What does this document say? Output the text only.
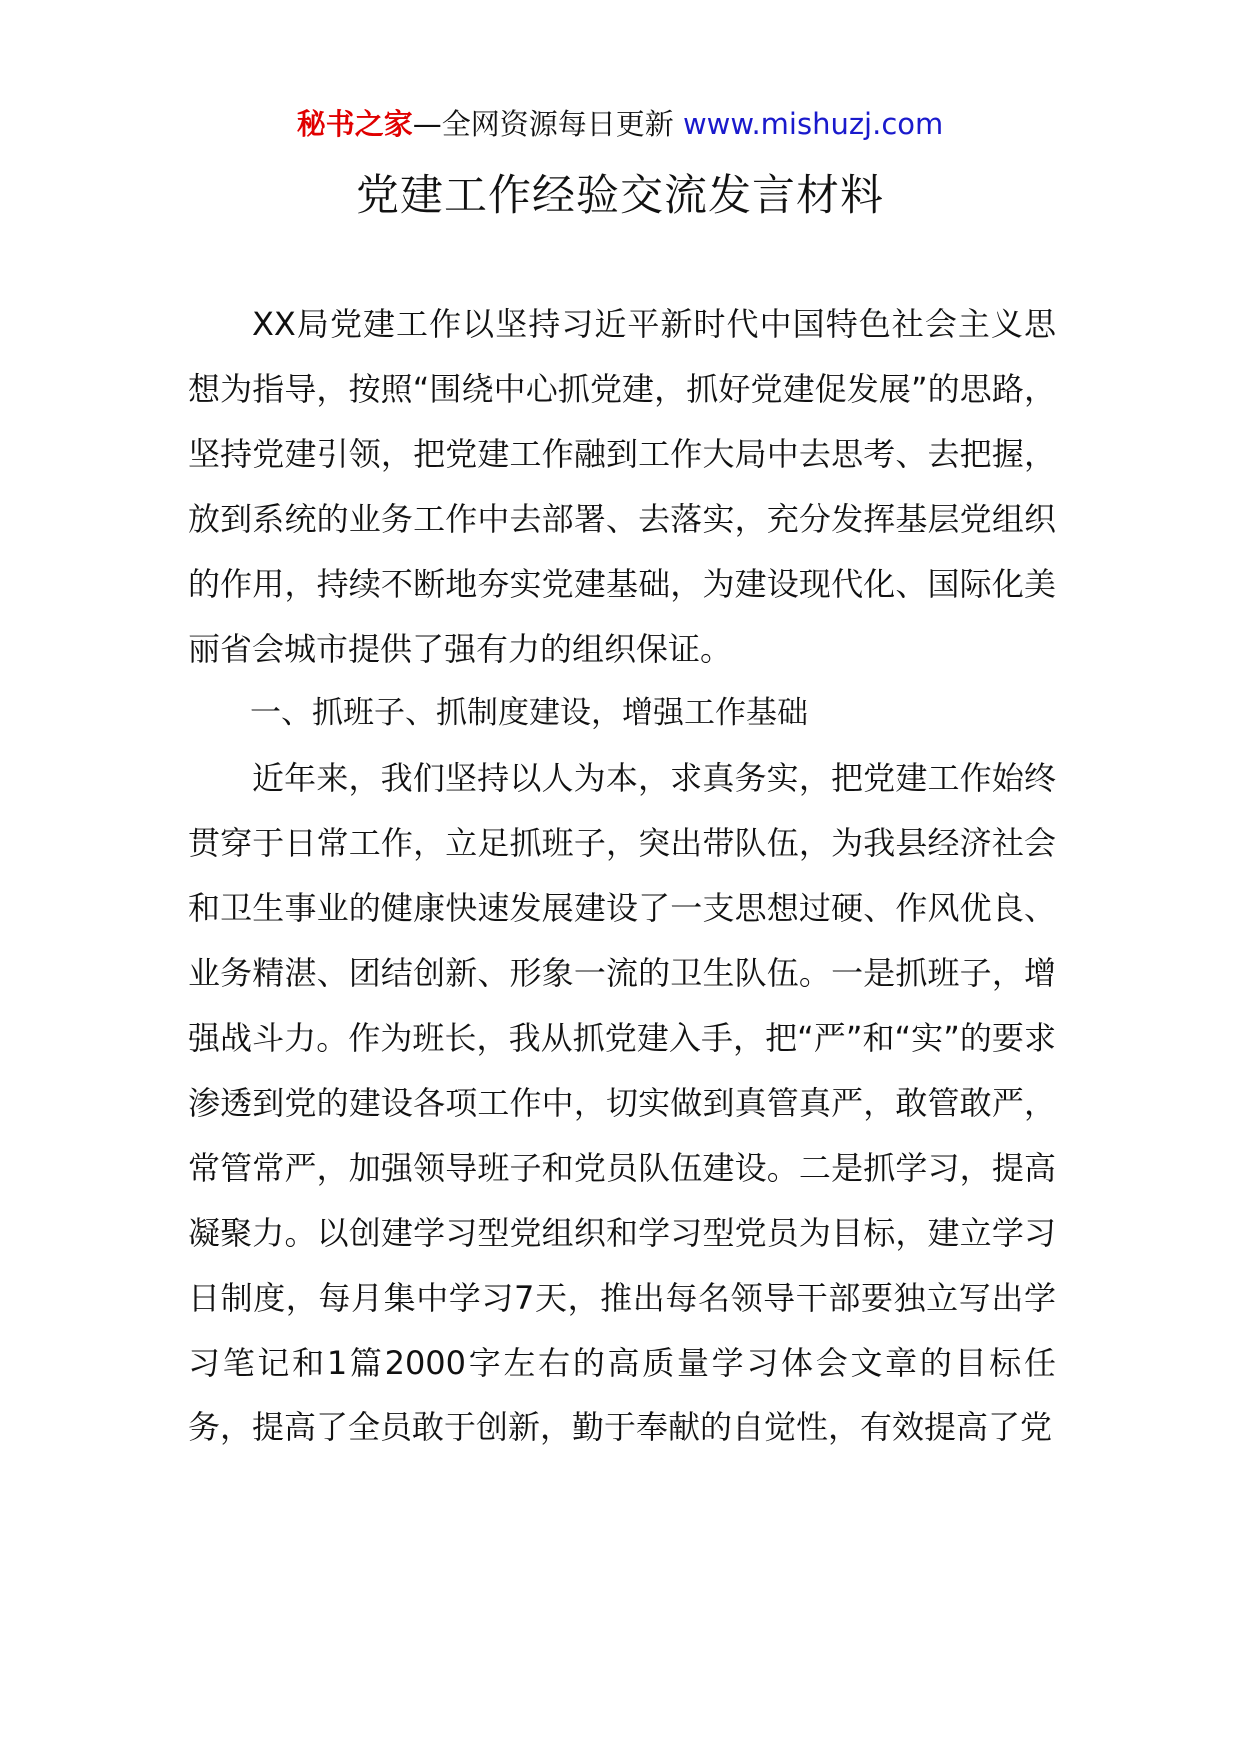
秘书之家—全网资源每日更新 www.mishuzj.com
党建工作经验交流发言材料

XX局党建工作以坚持习近平新时代中国特色社会主义思想为指导，按照“围绕中心抓党建，抓好党建促发展”的思路，坚持党建引领，把党建工作融到工作大局中去思考、去把握，放到系统的业务工作中去部署、去落实，充分发挥基层党组织的作用，持续不断地夯实党建基础，为建设现代化、国际化美丽省会城市提供了强有力的组织保证。

一、抓班子、抓制度建设，增强工作基础

近年来，我们坚持以人为本，求真务实，把党建工作始终贯穿于日常工作，立足抓班子，突出带队伍，为我县经济社会和卫生事业的健康快速发展建设了一支思想过硬、作风优良、业务精湛、团结创新、形象一流的卫生队伍。一是抓班子，增强战斗力。作为班长，我从抓党建入手，把“严”和“实”的要求渗透到党的建设各项工作中，切实做到真管真严，敢管敢严，常管常严，加强领导班子和党员队伍建设。二是抓学习，提高凝聚力。以创建学习型党组织和学习型党员为目标，建立学习日制度，每月集中学习7天，推出每名领导干部要独立写出学习笔记和1篇2000字左右的高质量学习体会文章的目标任务，提高了全员敢于创新，勤于奉献的自觉性，有效提高了党
